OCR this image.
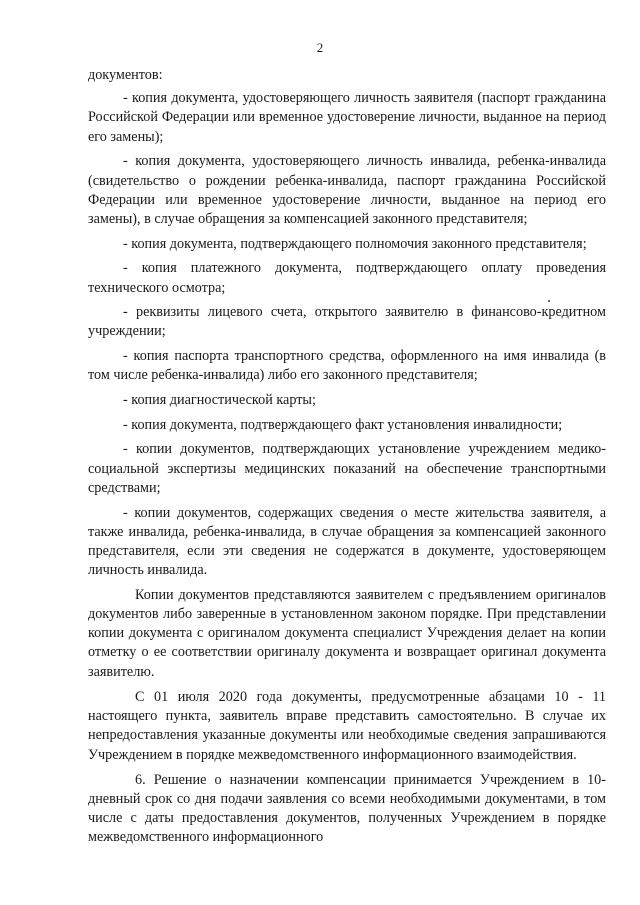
2

документов:

- копия документа, удостоверяющего личность заявителя (паспорт гражданина Российской Федерации или временное удостоверение личности, выданное на период его замены);

- копия документа, удостоверяющего личность инвалида, ребенка-инвалида (свидетельство о рождении ребенка-инвалида, паспорт гражданина Российской Федерации или временное удостоверение личности, выданное на период его замены), в случае обращения за компенсацией законного представителя;

- копия документа, подтверждающего полномочия законного представителя;

- копия платежного документа, подтверждающего оплату проведения технического осмотра;

- реквизиты лицевого счета, открытого заявителю в финансово-кредитном учреждении;

- копия паспорта транспортного средства, оформленного на имя инвалида (в том числе ребенка-инвалида) либо его законного представителя;

- копия диагностической карты;

- копия документа, подтверждающего факт установления инвалидности;

- копии документов, подтверждающих установление учреждением медико-социальной экспертизы медицинских показаний на обеспечение транспортными средствами;

- копии документов, содержащих сведения о месте жительства заявителя, а также инвалида, ребенка-инвалида, в случае обращения за компенсацией законного представителя, если эти сведения не содержатся в документе, удостоверяющем личность инвалида.

Копии документов представляются заявителем с предъявлением оригиналов документов либо заверенные в установленном законом порядке. При представлении копии документа с оригиналом документа специалист Учреждения делает на копии отметку о ее соответствии оригиналу документа и возвращает оригинал документа заявителю.

С 01 июля 2020 года документы, предусмотренные абзацами 10 - 11 настоящего пункта, заявитель вправе представить самостоятельно. В случае их непредоставления указанные документы или необходимые сведения запрашиваются Учреждением в порядке межведомственного информационного взаимодействия.

6. Решение о назначении компенсации принимается Учреждением в 10-дневный срок со дня подачи заявления со всеми необходимыми документами, в том числе с даты предоставления документов, полученных Учреждением в порядке межведомственного информационного
